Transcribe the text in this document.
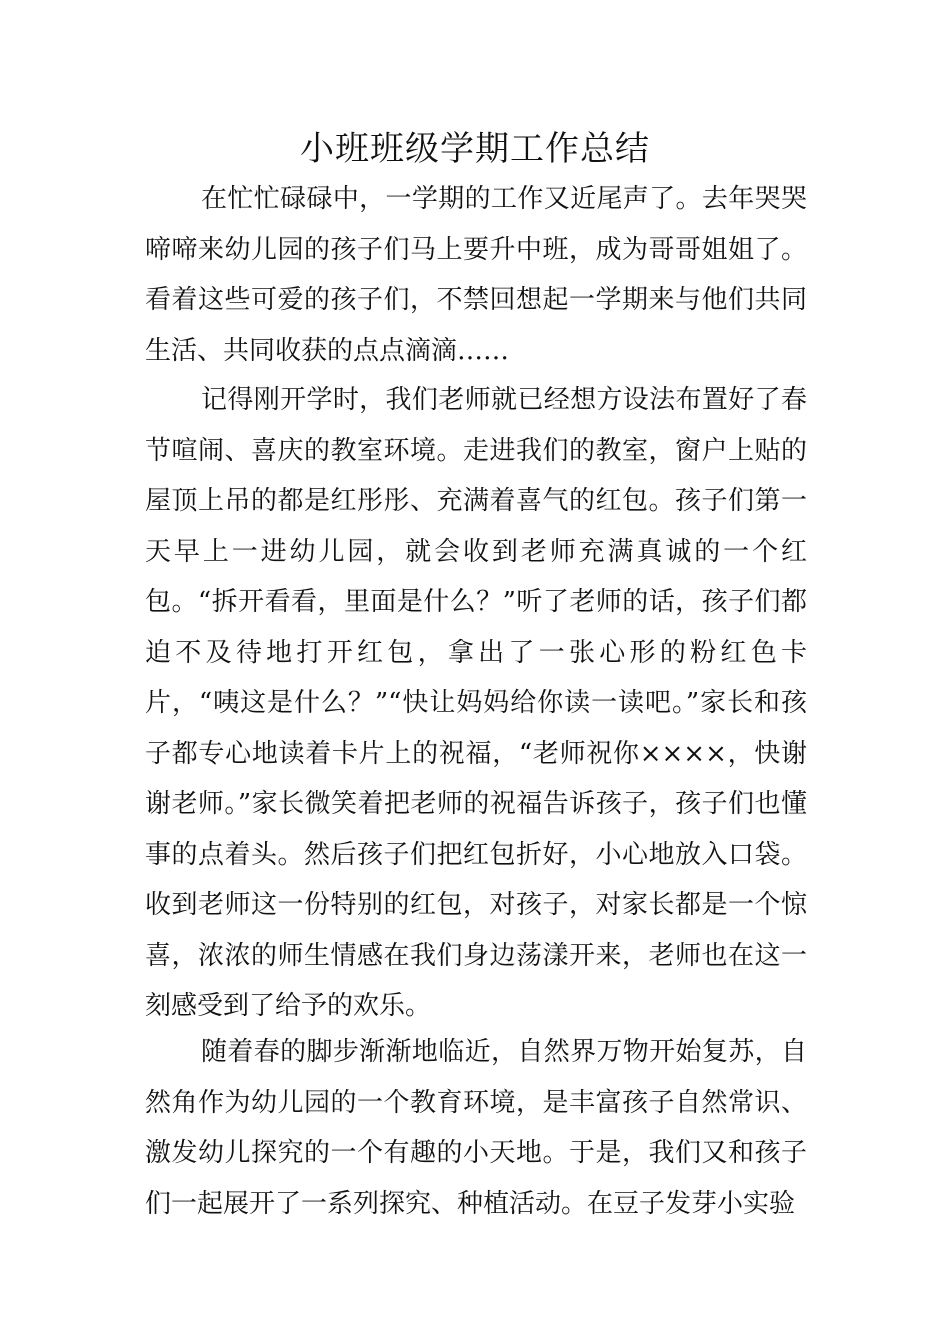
小班班级学期工作总结

在忙忙碌碌中，一学期的工作又近尾声了。去年哭哭啼啼来幼儿园的孩子们马上要升中班，成为哥哥姐姐了。看着这些可爱的孩子们，不禁回想起一学期来与他们共同生活、共同收获的点点滴滴……

记得刚开学时，我们老师就已经想方设法布置好了春节喧闹、喜庆的教室环境。走进我们的教室，窗户上贴的屋顶上吊的都是红彤彤、充满着喜气的红包。孩子们第一天早上一进幼儿园，就会收到老师充满真诚的一个红包。“拆开看看，里面是什么？”听了老师的话，孩子们都迫不及待地打开红包，拿出了一张心形的粉红色卡片，“咦这是什么？”“快让妈妈给你读一读吧。”家长和孩子都专心地读着卡片上的祝福，“老师祝你××××，快谢谢老师。”家长微笑着把老师的祝福告诉孩子，孩子们也懂事的点着头。然后孩子们把红包折好，小心地放入口袋。收到老师这一份特别的红包，对孩子，对家长都是一个惊喜，浓浓的师生情感在我们身边荡漾开来，老师也在这一刻感受到了给予的欢乐。

随着春的脚步渐渐地临近，自然界万物开始复苏，自然角作为幼儿园的一个教育环境，是丰富孩子自然常识、激发幼儿探究的一个有趣的小天地。于是，我们又和孩子们一起展开了一系列探究、种植活动。在豆子发芽小实验
